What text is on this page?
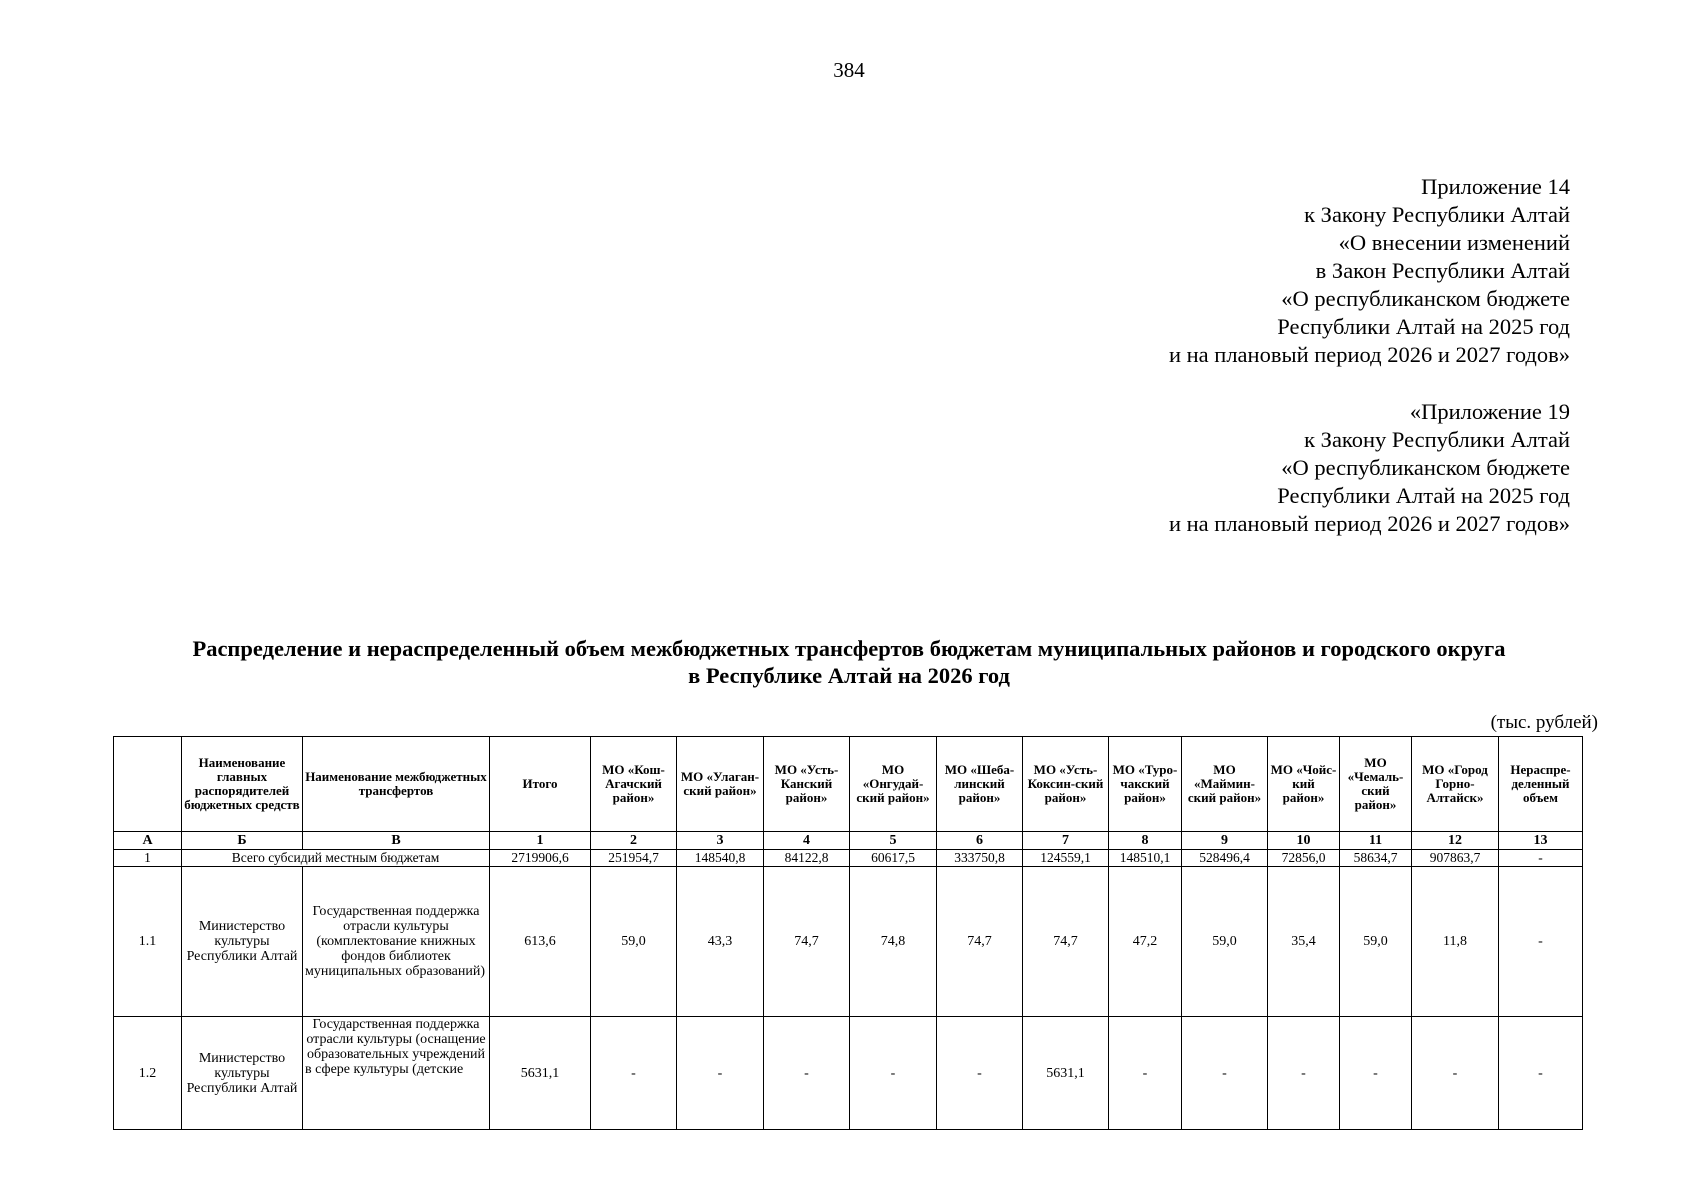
384
Приложение 14
к Закону Республики Алтай
«О внесении изменений
в Закон Республики Алтай
«О республиканском бюджете
Республики Алтай на 2025 год
и на плановый период 2026 и 2027 годов»
«Приложение 19
к Закону Республики Алтай
«О республиканском бюджете
Республики Алтай на 2025 год
и на плановый период 2026 и 2027 годов»
Распределение и нераспределенный объем межбюджетных трансфертов бюджетам муниципальных районов и городского округа
в Республике Алтай на 2026 год
(тыс. рублей)
	Наименование главных распорядителей бюджетных средств	Наименование межбюджетных трансфертов	Итого	МО «Кош-Агачский район»	МО «Улаган-ский район»	МО «Усть-Канский район»	МО «Онгудай-ский район»	МО «Шеба-линский район»	МО «Усть-Коксин-ский район»	МО «Туро-чакский район»	МО «Маймин-ский район»	МО «Чойс-кий район»	МО «Чемаль-ский район»	МО «Город Горно-Алтайск»	Нераспре-деленный объем
А	Б	В	1	2	3	4	5	6	7	8	9	10	11	12	13
1	Всего субсидий местным бюджетам		2719906,6	251954,7	148540,8	84122,8	60617,5	333750,8	124559,1	148510,1	528496,4	72856,0	58634,7	907863,7	-
1.1	Министерство культуры Республики Алтай	Государственная поддержка отрасли культуры (комплектование книжных фондов библиотек муниципальных образований)	613,6	59,0	43,3	74,7	74,8	74,7	74,7	47,2	59,0	35,4	59,0	11,8	-
1.2	Министерство культуры Республики Алтай	Государственная поддержка отрасли культуры (оснащение образовательных учреждений в сфере культуры (детские	5631,1	-	-	-	-	-	5631,1	-	-	-	-	-	-
